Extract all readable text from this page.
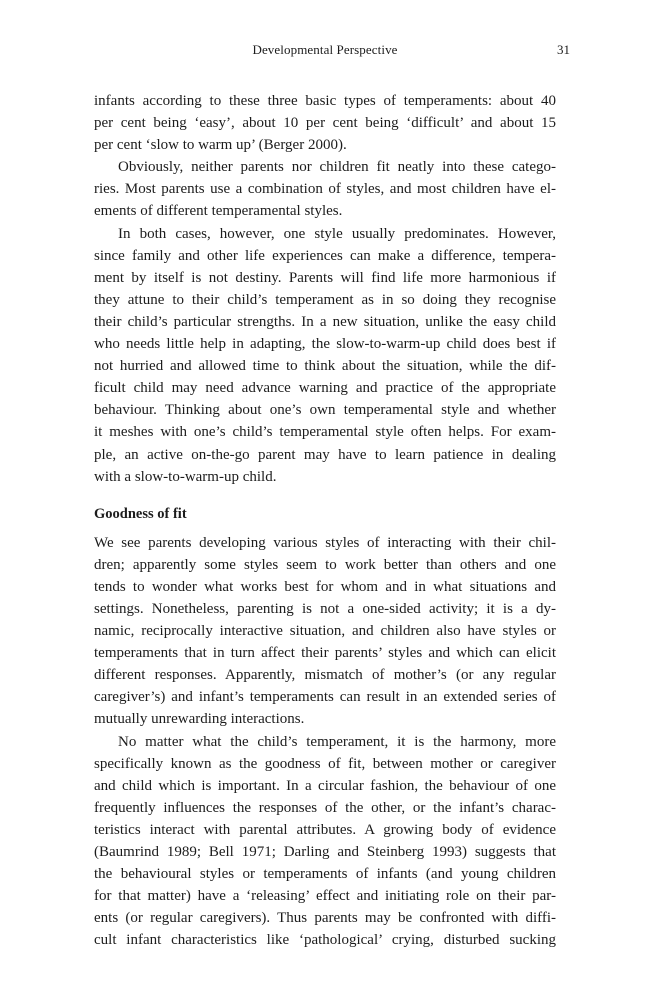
Developmental Perspective	31
infants according to these three basic types of temperaments: about 40
per cent being ‘easy’, about 10 per cent being ‘difficult’ and about 15
per cent ‘slow to warm up’ (Berger 2000).
Obviously, neither parents nor children fit neatly into these catego-
ries. Most parents use a combination of styles, and most children have el-
ements of different temperamental styles.
In both cases, however, one style usually predominates. However,
since family and other life experiences can make a difference, tempera-
ment by itself is not destiny. Parents will find life more harmonious if
they attune to their child’s temperament as in so doing they recognise
their child’s particular strengths. In a new situation, unlike the easy child
who needs little help in adapting, the slow-to-warm-up child does best if
not hurried and allowed time to think about the situation, while the dif-
ficult child may need advance warning and practice of the appropriate
behaviour. Thinking about one’s own temperamental style and whether
it meshes with one’s child’s temperamental style often helps. For exam-
ple, an active on-the-go parent may have to learn patience in dealing
with a slow-to-warm-up child.
Goodness of fit
We see parents developing various styles of interacting with their chil-
dren; apparently some styles seem to work better than others and one
tends to wonder what works best for whom and in what situations and
settings. Nonetheless, parenting is not a one-sided activity; it is a dy-
namic, reciprocally interactive situation, and children also have styles or
temperaments that in turn affect their parents’ styles and which can elicit
different responses. Apparently, mismatch of mother’s (or any regular
caregiver’s) and infant’s temperaments can result in an extended series of
mutually unrewarding interactions.
No matter what the child’s temperament, it is the harmony, more
specifically known as the goodness of fit, between mother or caregiver
and child which is important. In a circular fashion, the behaviour of one
frequently influences the responses of the other, or the infant’s charac-
teristics interact with parental attributes. A growing body of evidence
(Baumrind 1989; Bell 1971; Darling and Steinberg 1993) suggests that
the behavioural styles or temperaments of infants (and young children
for that matter) have a ‘releasing’ effect and initiating role on their par-
ents (or regular caregivers). Thus parents may be confronted with diffi-
cult infant characteristics like ‘pathological’ crying, disturbed sucking
